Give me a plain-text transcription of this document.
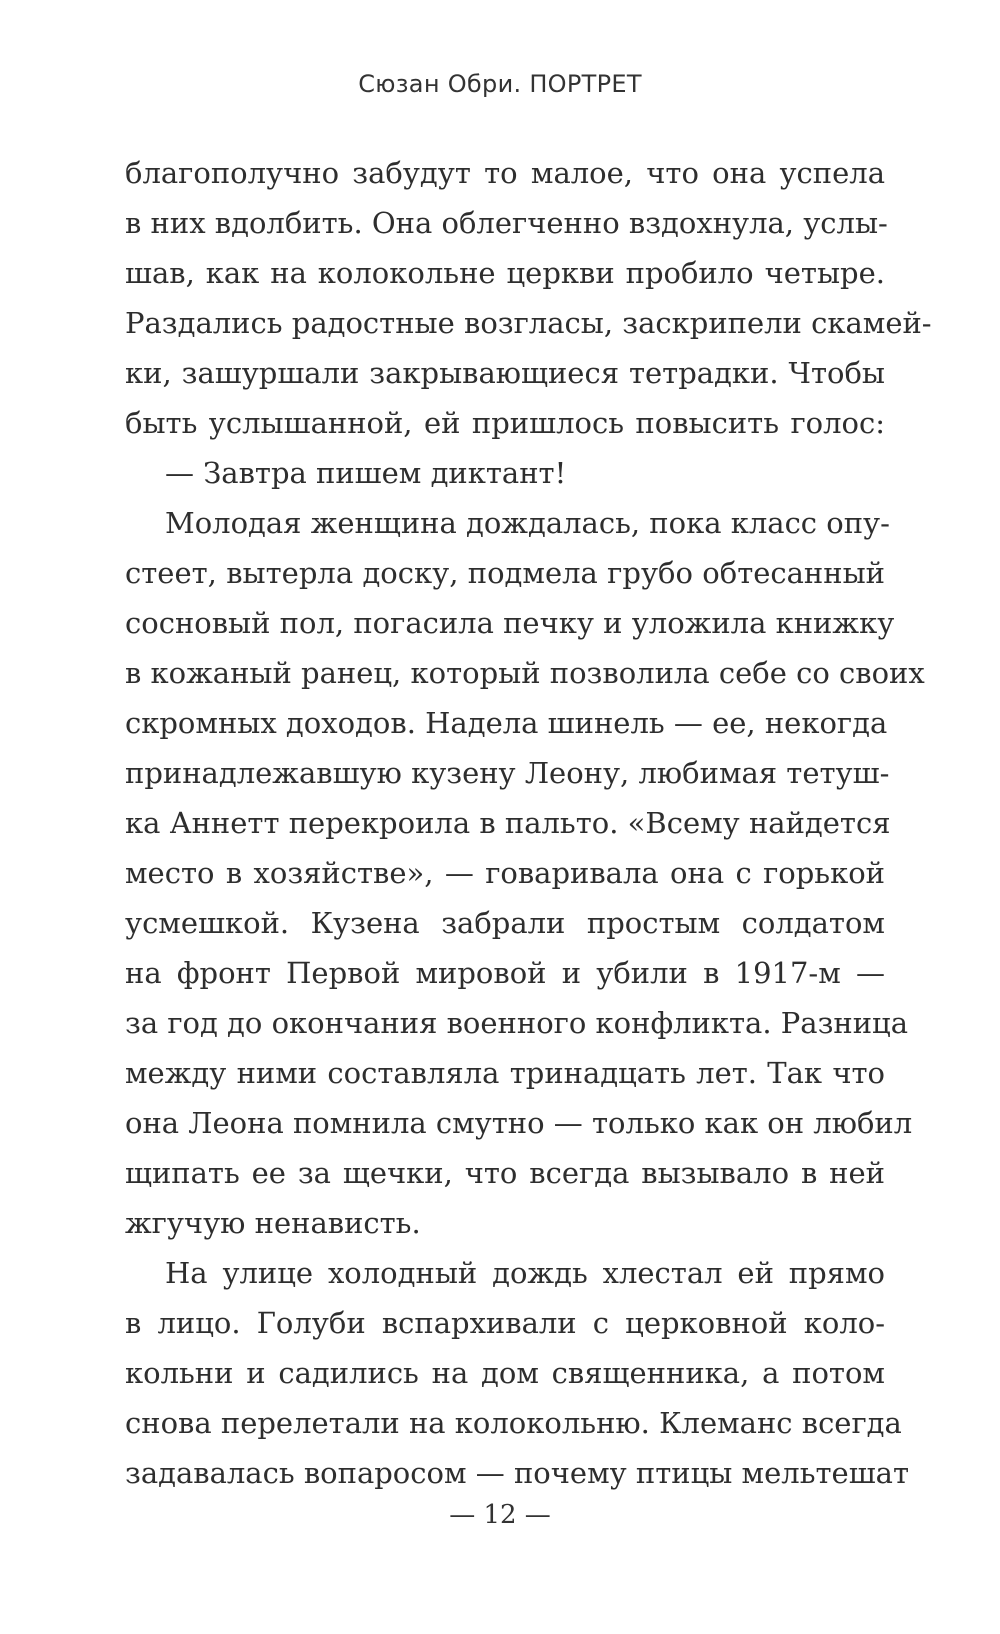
Сюзан Обри. ПОРТРЕТ
благополучно забудут то малое, что она успела
в них вдолбить. Она облегченно вздохнула, услы-
шав, как на колокольне церкви пробило четыре.
Раздались радостные возгласы, заскрипели скамей-
ки, зашуршали закрывающиеся тетрадки. Чтобы
быть услышанной, ей пришлось повысить голос:
— Завтра пишем диктант!
Молодая женщина дождалась, пока класс опу-
стеет, вытерла доску, подмела грубо обтесанный
сосновый пол, погасила печку и уложила книжку
в кожаный ранец, который позволила себе со своих
скромных доходов. Надела шинель — ее, некогда
принадлежавшую кузену Леону, любимая тетуш-
ка Аннетт перекроила в пальто. «Всему найдется
место в хозяйстве», — говаривала она с горькой
усмешкой. Кузена забрали простым солдатом
на фронт Первой мировой и убили в 1917-м —
за год до окончания военного конфликта. Разница
между ними составляла тринадцать лет. Так что
она Леона помнила смутно — только как он любил
щипать ее за щечки, что всегда вызывало в ней
жгучую ненависть.
На улице холодный дождь хлестал ей прямо
в лицо. Голуби вспархивали с церковной коло-
кольни и садились на дом священника, а потом
снова перелетали на колокольню. Клеманс всегда
задавалась вопаросом — почему птицы мельтешат
— 12 —
